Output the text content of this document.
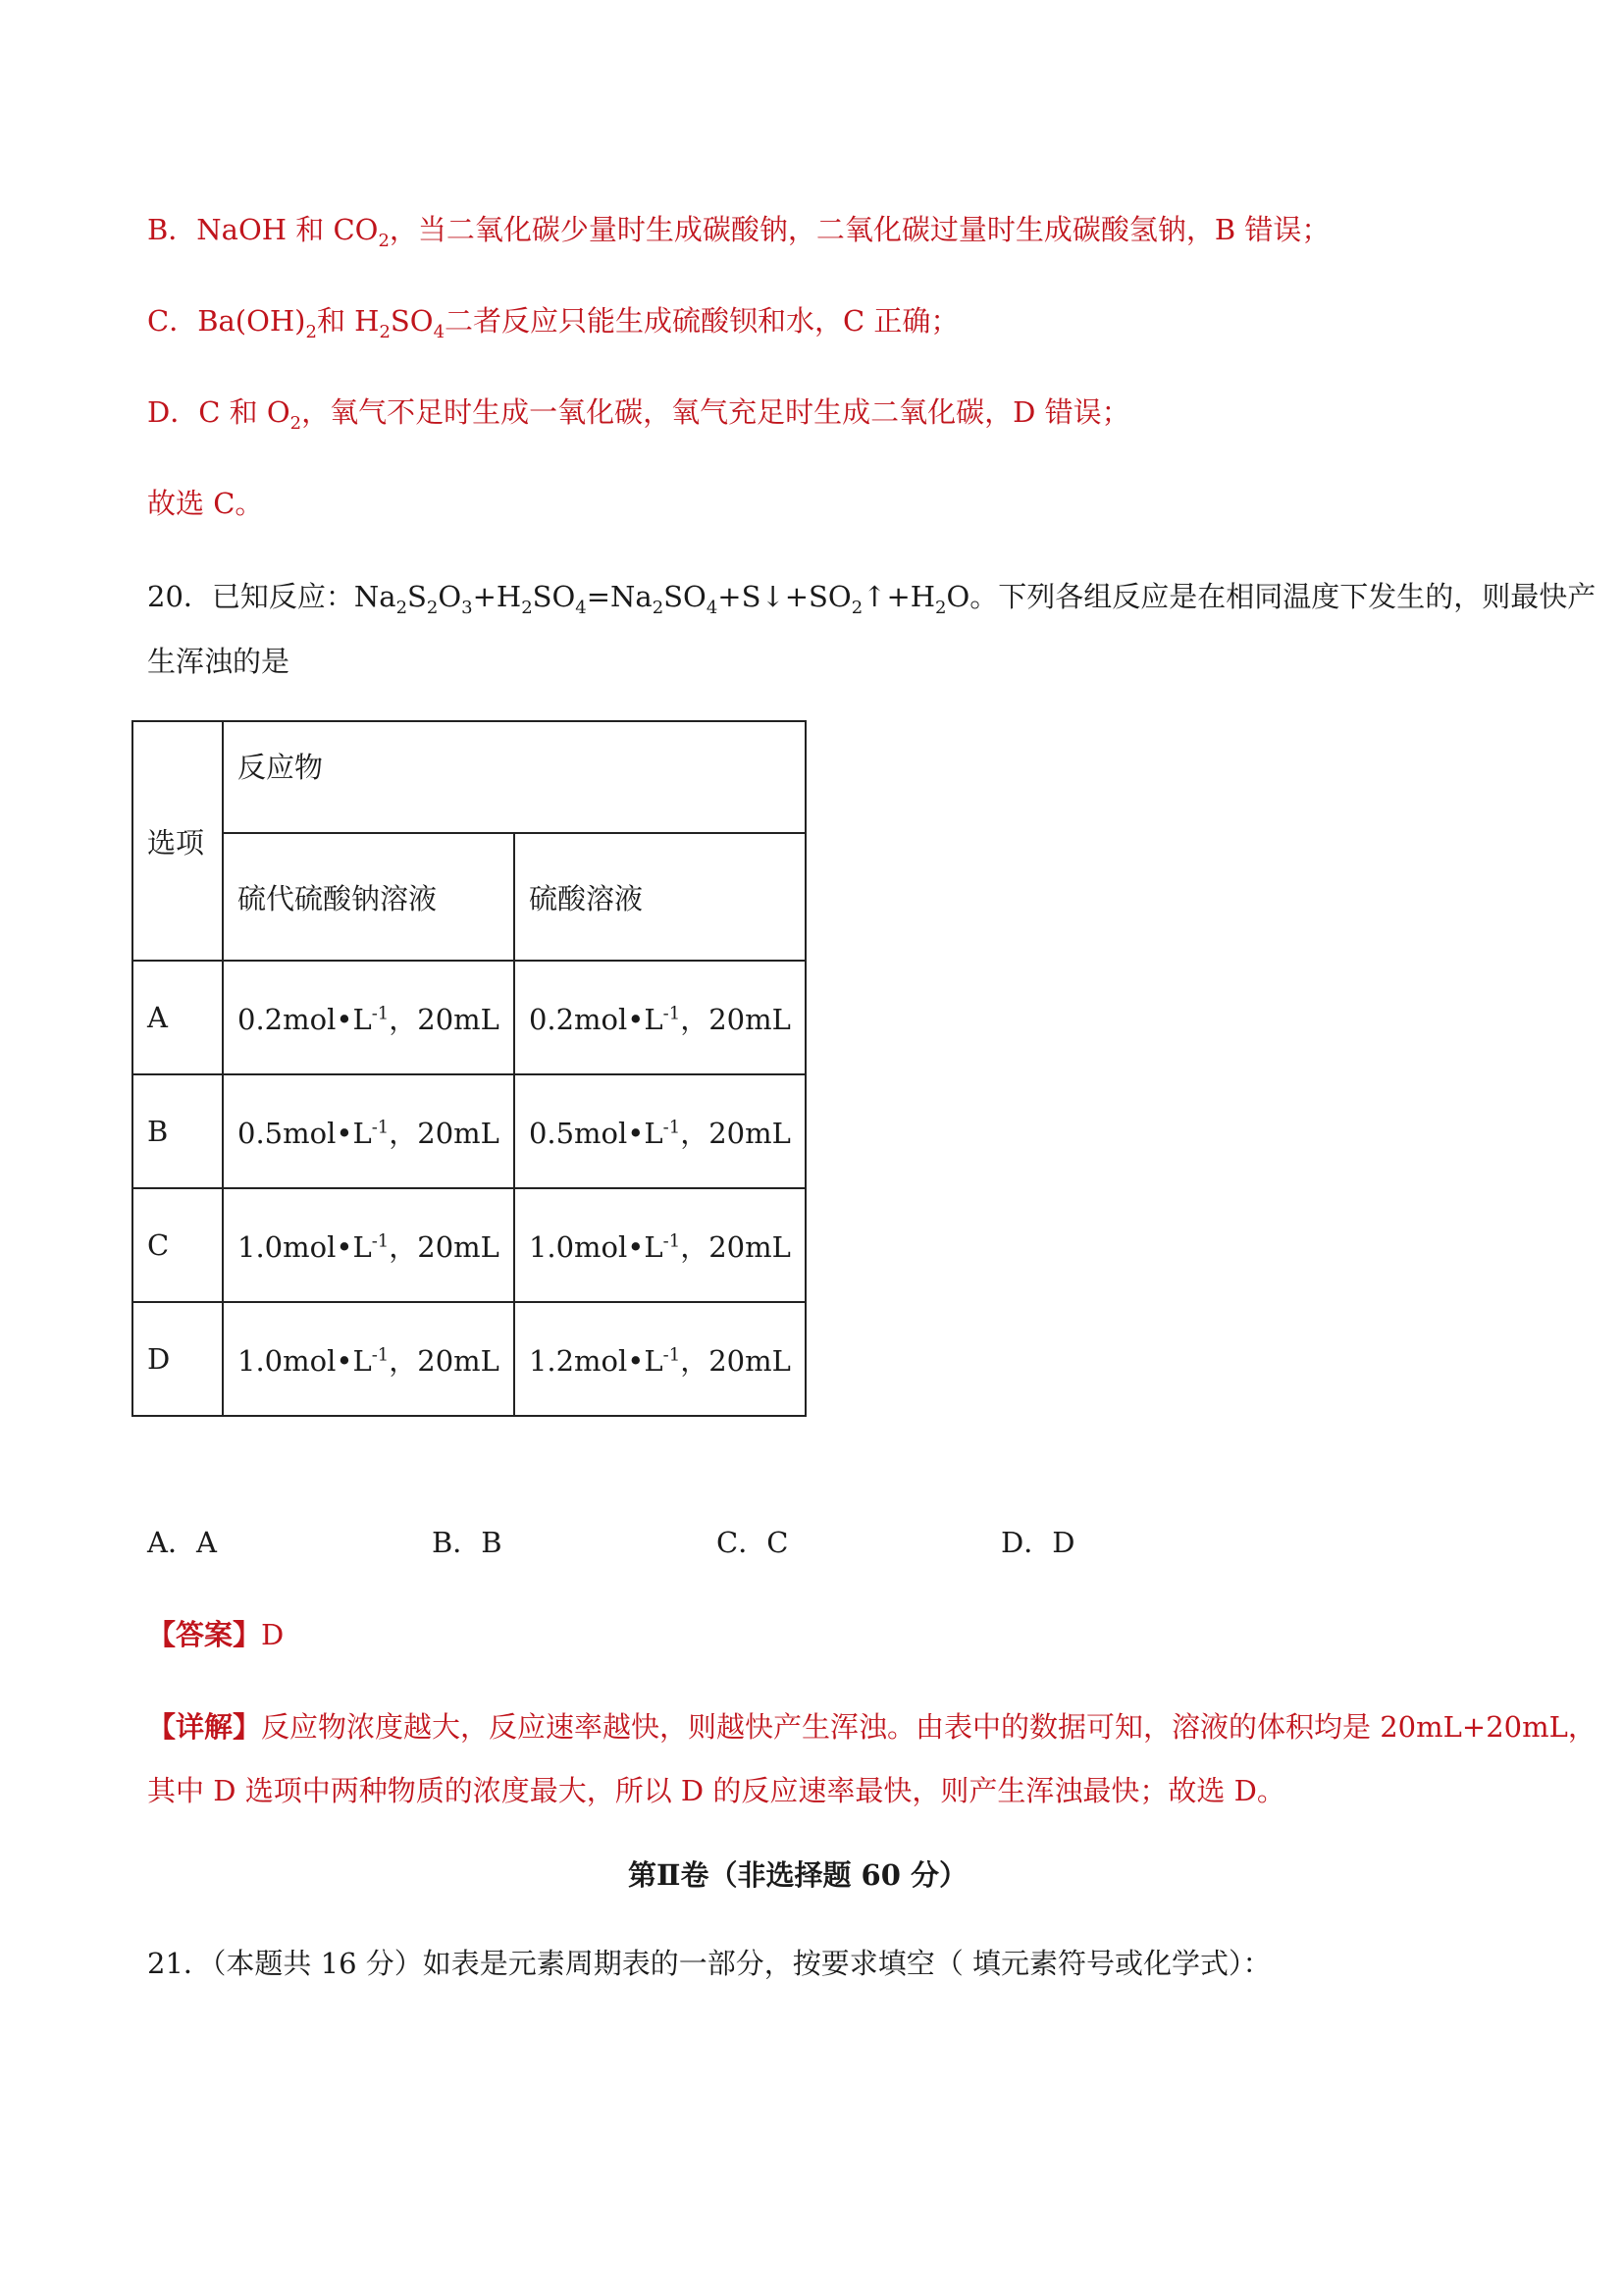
B．NaOH 和 $CO_2$，当二氧化碳少量时生成碳酸钠，二氧化碳过量时生成碳酸氢钠，B 错误；
C．$Ba(OH)_2$和 $H_2SO_4$二者反应只能生成硫酸钡和水，C 正确；
D．C 和 $O_2$，氧气不足时生成一氧化碳，氧气充足时生成二氧化碳，D 错误；
故选 C。
20．已知反应：$Na_2S_2O_3+H_2SO_4=Na_2SO_4+S↓+SO_2↑+H_2O$。下列各组反应是在相同温度下发生的，则最快产
生浑浊的是
选项	反应物	
	硫代硫酸钠溶液	硫酸溶液
A	$0.2mol•L^{-1}$，20mL	$0.2mol•L^{-1}$，20mL
B	$0.5mol•L^{-1}$，20mL	$0.5mol•L^{-1}$，20mL
C	$1.0mol•L^{-1}$，20mL	$1.0mol•L^{-1}$，20mL
D	$1.0mol•L^{-1}$，20mL	$1.2mol•L^{-1}$，20mL
A．A	B．B	C．C	D．D
【答案】D
【详解】反应物浓度越大，反应速率越快，则越快产生浑浊。由表中的数据可知，溶液的体积均是 20mL+20mL，
其中 D 选项中两种物质的浓度最大，所以 D 的反应速率最快，则产生浑浊最快；故选 D。
第Ⅱ卷（非选择题 60 分）
21．（本题共 16 分）如表是元素周期表的一部分，按要求填空（ 填元素符号或化学式）：
